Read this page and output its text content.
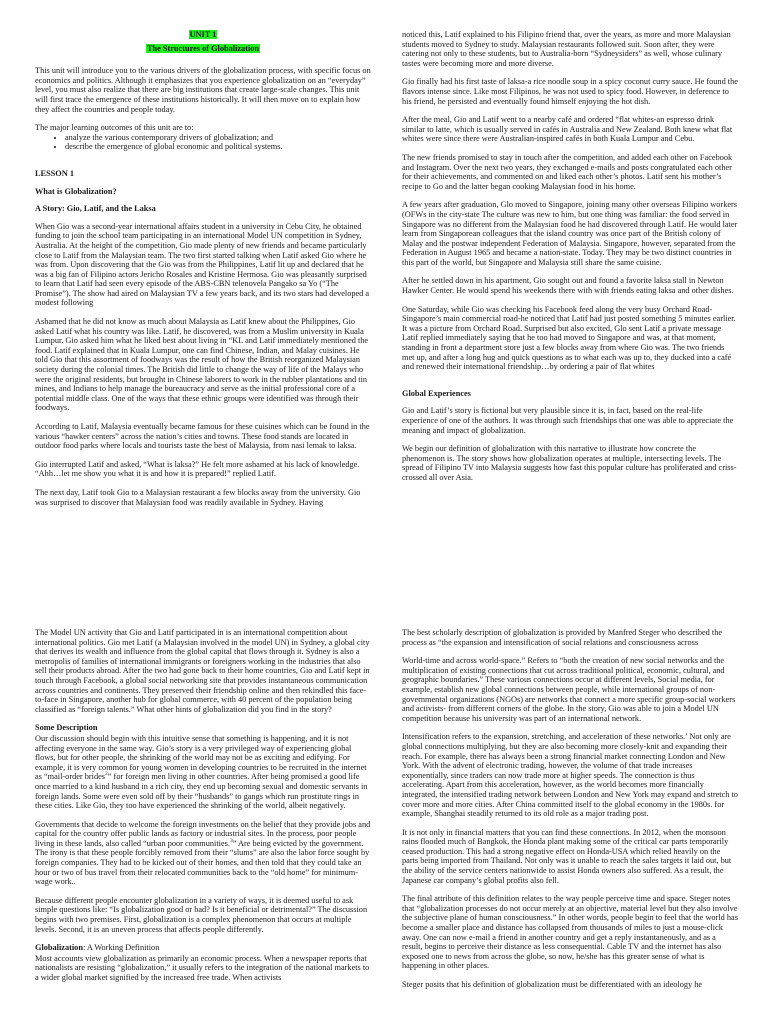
UNIT 1

The Structures of Globalization

This unit will introduce you to the various drivers of the globalization process, with specific focus on economics and politics. Although it emphasizes that you experience globalization on an “everyday” level, you must also realize that there are big institutions that create large-scale changes. This unit will first trace the emergence of these institutions historically. It will then move on to explain how they affect the countries and people today.

The major learning outcomes of this unit are to:

• analyze the various contemporary drivers of globalization; and
• describe the emergence of global economic and political systems.

LESSON 1

What is Globalization?

A Story: Gio, Latif, and the Laksa

When Gio was a second-year international affairs student in a university in Cebu City, he obtained funding to join the school team participating in an international Model UN competition in Sydney, Australia. At the height of the competition, Gio made plenty of new friends and became particularly close to Latif from the Malaysian team. The two first started talking when Latif asked Gio where he was from. Upon discovering that the Gio was from the Philippines, Latif lit up and declared that he was a big fan of Filipino actors Jericho Rosales and Kristine Hermosa. Gio was pleasantly surprised to learn that Latif had seen every episode of the ABS-CBN telenovela Pangako sa Yo (“The Promise”). The show had aired on Malaysian TV a few years back, and its two stars had developed a modest following

Ashamed that he did not know as much about Malaysia as Latif knew about the Philippines, Gio asked Latif what his country was like. Latif, he discovered, was from a Muslim university in Kuala Lumpur. Gio asked him what he liked best about living in “KL and Latif immediately mentioned the food. Latif explained that in Kuala Lumpur, one can find Chinese, Indian, and Malay cuisines. He told Gio that this assortment of foodways was the result of how the British reorganized Malaysian society during the colonial times. The British did little to change the way of life of the Malays who were the original residents, but brought in Chinese laborers to work in the rubber plantations and tin mines, and Indians to help manage the bureaucracy and serve as the initial professional core of a potential middle class. One of the ways that these ethnic groups were identified was through their foodways.

According to Latif, Malaysia eventually became famous for these cuisines which can be found in the various “hawker centers” across the nation’s cities and towns. These food stands are located in outdoor food parks where locals and tourists taste the best of Malaysia, from nasi lemak to laksa.

Gio interrupted Latif and asked, “What is laksa?” He felt more ashamed at his lack of knowledge. “Ahh…let me show you what it is and how it is prepared!” replied Latif.

The next day, Latif took Gio to a Malaysian restaurant a few blocks away from the university. Gio was surprised to discover that Malaysian food was readily available in Sydney. Having

noticed this, Latif explained to his Filipino friend that, over the years, as more and more Malaysian students moved to Sydney to study. Malaysian restaurants followed suit. Soon after, they were catering not only to these students, but to Australia-born “Sydneysiders” as well, whose culinary tastes were becoming more and more diverse.

Gio finally had his first taste of laksa-a rice noodle soup in a spicy coconut curry sauce. He found the flavors intense since. Like most Filipinos, he was not used to spicy food. However, in deference to his friend, he persisted and eventually found himself enjoying the hot dish.

After the meal, Gio and Latif went to a nearby café and ordered “flat whites-an espresso drink similar to latte, which is usually served in cafés in Australia and New Zealand. Both knew what flat whites were since there were Australian-inspired cafés in both Kuala Lumpur and Cebu.

The new friends promised to stay in touch after the competition, and added each other on Facebook and Instagram. Over the next two years, they exchanged e-mails and posts congratulated each other for their achievements, and commented on and liked each other’s photos. Latif sent his mother’s recipe to Go and the latter began cooking Malaysian food in his home.

A few years after graduation, Glo moved to Singapore, joining many other overseas Filipino workers (OFWs in the city-state The culture was new to him, but one thing was familiar: the food served in Singapore was no different from the Malaysian food he had discovered through Latif. He would later learn from Singaporean colleagues that the island country was once part of the British colony of Malay and the postwar independent Federation of Malaysia. Singapore, however, separated from the Federation in August 1965 and became a nation-state. Today. They may be two distinct countries in this part of the world, but Singapore and Malaysia still share the same cuisine.

After he settled down in his apartment, Gio sought out and found a favorite laksa stall in Newton Hawker Center. He would spend his weekends there with with friends eating laksa and other dishes.

One Saturday, while Gio was checking his Facebook feed along the very busy Orchard Road-Singapore’s main commercial road-he noticed that Latif had just posted something 5 minutes earlier. It was a picture from Orchard Road. Surprised but also excited, Glo sent Latif a private message Latif replied immediately saying that he too had moved to Singapore and was, at that moment, standing in front a department store just a few blocks away from where Gio was. The two friends met up, and after a long hug and quick questions as to what each was up to, they ducked into a café and renewed their international friendship…by ordering a pair of flat whites

Global Experiences

Gio and Latif’s story is fictional but very plausible since it is, in fact, based on the real-life experience of one of the authors. It was through such friendships that one was able to appreciate the meaning and impact of globalization.

We begin our definition of globalization with this narrative to illustrate how concrete the phenomenon is. The story shows how globalization operates at multiple, intersecting levels. The spread of Filipino TV into Malaysia suggests how fast this popular culture has proliferated and criss-crossed all over Asia.

The Model UN activity that Gio and Latif participated in is an international competition about international politics. Gio met Latif (a Malaysian involved in the model UN) in Sydney, a global city that derives its wealth and influence from the global capital that flows through it. Sydney is also a metropolis of families of international immigrants or foreigners working in the industries that also sell their products abroad. After the two had gone back to their home countries, Gio and Latif kept in touch through Facebook, a global social networking site that provides instantaneous communication across countries and continents. They preserved their friendship online and then rekindled this face-to-face in Singapore, another hub for global commerce, with 40 percent of the population being classified as “foreign talents.” What other hints of globalization did you find in the story?

Some Description

Our discussion should begin with this intuitive sense that something is happening, and it is not affecting everyone in the same way. Gio’s story is a very privileged way of experiencing global flows, but for other people, the shrinking of the world may not be as exciting and edifying. For example, it is very common for young women in developing countries to be recruited in the internet as “mail-order brides$^2$” for foreign men living in other countries. After being promised a good life once married to a kind husband in a rich city, they end up becoming sexual and domestic servants in foreign lands. Some were even sold off by their “husbands” to gangs which run prostitute rings in these cities. Like Gio, they too have experienced the shrinking of the world, albeit negatively.

Governments that decide to welcome the foreign investments on the belief that they provide jobs and capital for the country offer public lands as factory or industrial sites. In the process, poor people living in these lands, also called “urban poor communities.$^3$” Are being evicted by the government. The irony is that these people forcibly removed from their “slums” are also the labor force sought by foreign companies. They had to be kicked out of their homes, and then told that they could take an hour or two of bus travel from their relocated communities back to the “old home” for minimum-wage work..

Because different people encounter globalization in a variety of ways, it is deemed useful to ask simple questions like: “Is globalization good or bad? Is it beneficial or detrimental?” The discussion begins with two premises. First, globalization is a complex phenomenon that occurs at multiple levels. Second, it is an uneven process that affects people differently.

Globalization: A Working Definition

Most accounts view globalization as primarily an economic process. When a newspaper reports that nationalists are resisting “globalization,” it usually refers to the integration of the national markets to a wider global market signified by the increased free trade. When activists

The best scholarly description of globalization is provided by Manfred Steger who described the process as “the expansion and intensification of social relations and consciousness across

World-time and across world-space.” Refers to “both the creation of new social networks and the multiplication of existing connections that cut across traditional political, economic, cultural, and geographic boundaries.” These various connections occur at different levels, Social media, for example, establish new global connections between people, while international groups of non-governmental organizations (NGOs) are networks that connect a more specific group-social workers and activists- from different corners of the globe. In the story, Gio was able to join a Model UN competition because his university was part of an international network.

Intensification refers to the expansion, stretching, and acceleration of these networks.’ Not only are global connections multiplying, but they are also becoming more closely-knit and expanding their reach. For example, there has always been a strong financial market connecting London and New York. With the advent of electronic trading, however, the volume of that trade increases exponentially, since traders can now trade more at higher speeds. The connection is thus accelerating. Apart from this acceleration, however, as the world becomes more financially integrated, the intensified trading network between London and New York may expand and stretch to cover more and more cities. After China committed itself to the global economy in the 1980s. for example, Shanghai steadily returned to its old role as a major trading post.

It is not only in financial matters that you can find these connections. In 2012, when the monsoon rains flooded much of Bangkok, the Honda plant making some of the critical car parts temporarily ceased production. This had a strong negative effect on Honda-USA which relied heavily on the parts being imported from Thailand. Not only was it unable to reach the sales targets it laid out, but the ability of the service centers nationwide to assist Honda owners also suffered. As a result, the Japanese car company’s global profits also fell.

The final attribute of this definition relates to the way people perceive time and space. Steger notes that “globalization processes do not occur merely at an objective, material level but they also involve the subjective plane of human consciousness.” In other words, people begin to feel that the world has become a smaller place and distance has collapsed from thousands of miles to just a mouse-click away. One can now e-mail a friend in another country and get a reply instantaneously, and as a result, begins to perceive their distance as less consequential. Cable TV and the internet has also exposed one to news from across the globe, so now, he/she has this greater sense of what is happening in other places.

Steger posits that his definition of globalization must be differentiated with an ideology he
